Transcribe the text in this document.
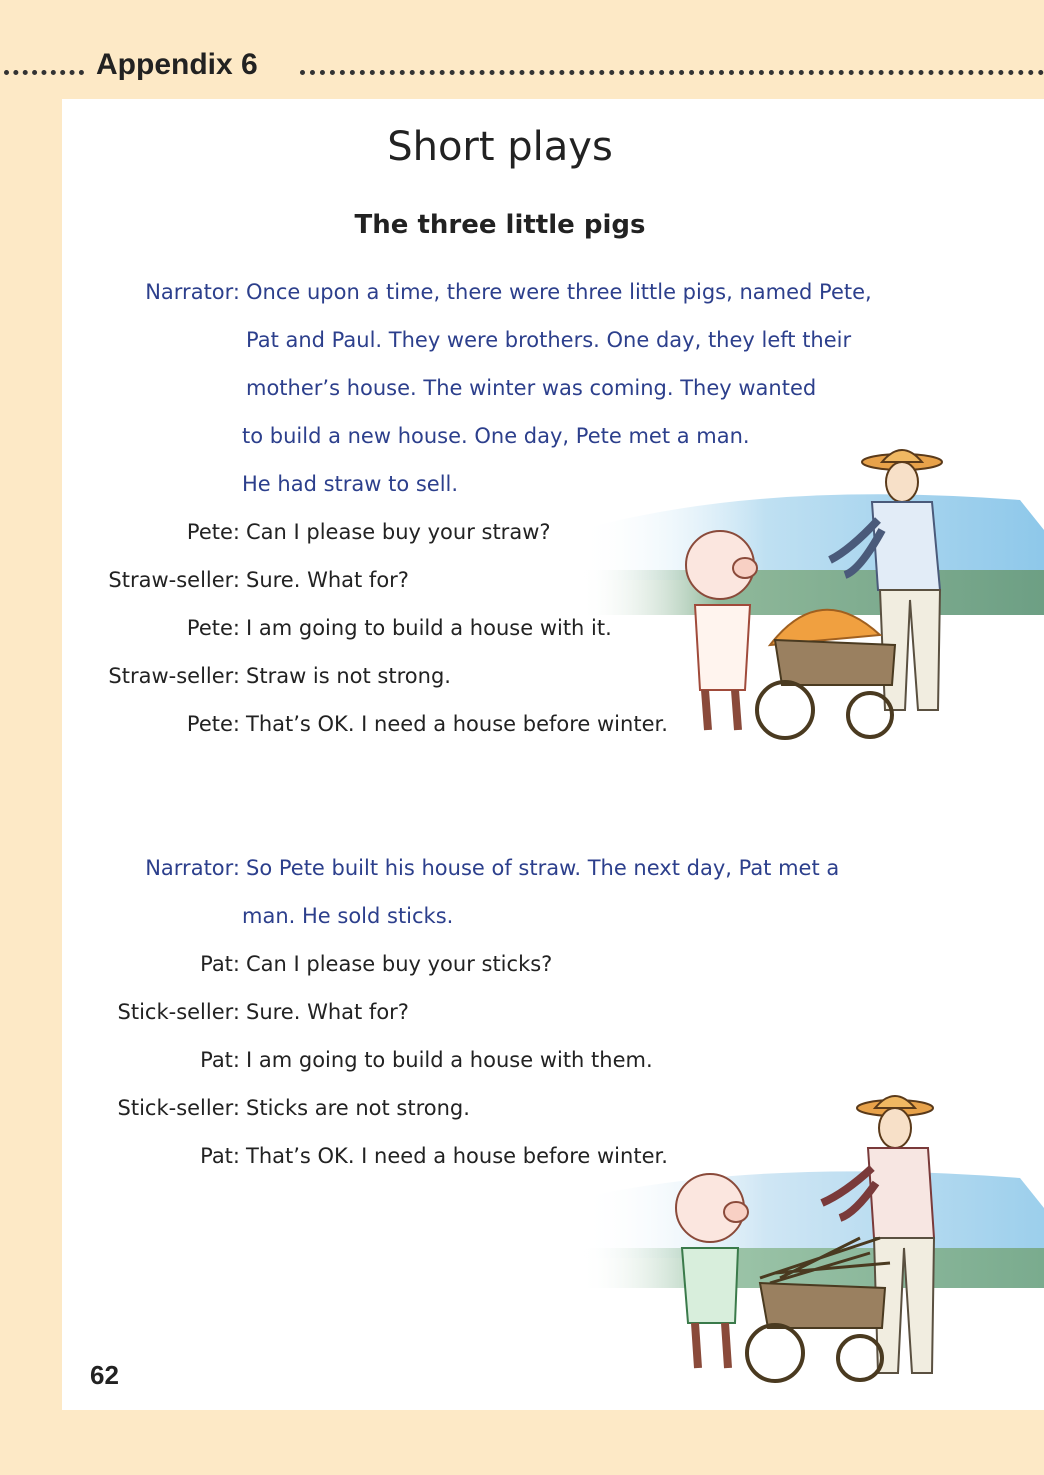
Appendix 6
Short plays
The three little pigs
Narrator: Once upon a time, there were three little pigs, named Pete,
Pat and Paul. They were brothers. One day, they left their
mother’s house. The winter was coming. They wanted
to build a new house. One day, Pete met a man.
He had straw to sell.
Pete: Can I please buy your straw?
Straw-seller: Sure. What for?
Pete: I am going to build a house with it.
Straw-seller: Straw is not strong.
Pete: That’s OK. I need a house before winter.
Narrator: So Pete built his house of straw. The next day, Pat met a
man. He sold sticks.
Pat: Can I please buy your sticks?
Stick-seller: Sure. What for?
Pat: I am going to build a house with them.
Stick-seller: Sticks are not strong.
Pat: That’s OK. I need a house before winter.
62
